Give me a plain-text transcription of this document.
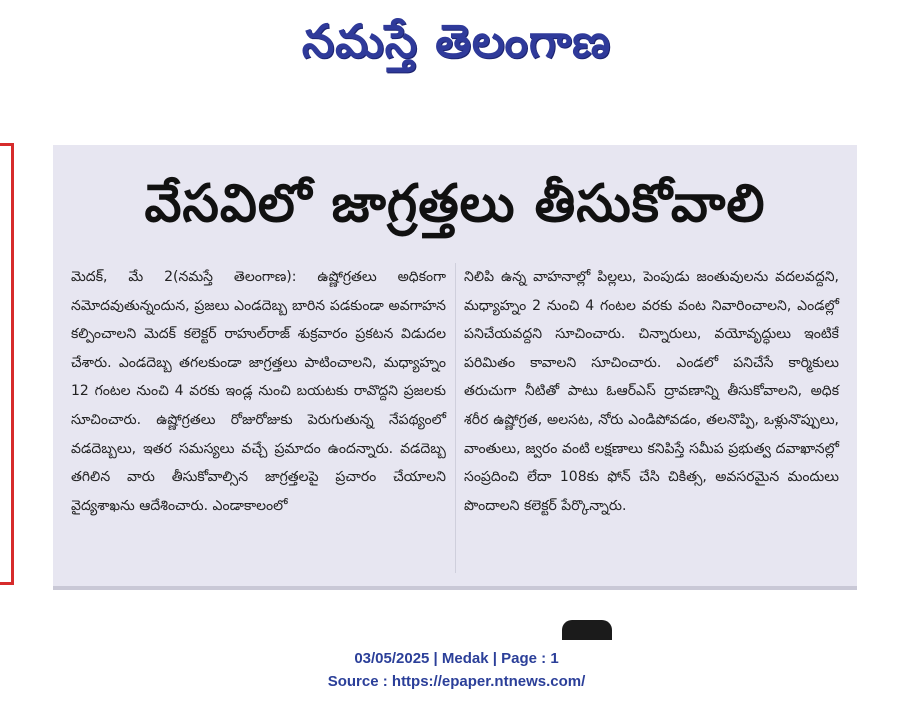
నమస్తే తెలంగాణ
వేసవిలో జాగ్రత్తలు తీసుకోవాలి
మెదక్, మే 2(నమస్తే తెలంగాణ): ఉష్ణోగ్రతలు అధికంగా నమోదవుతున్నందున, ప్రజలు ఎండదెబ్బ బారిన పడకుండా అవగాహన కల్పించాలని మెదక్ కలెక్టర్ రాహుల్‌రాజ్ శుక్రవారం ప్రకటన విడుదల చేశారు. ఎండదెబ్బ తగలకుండా జాగ్రత్తలు పాటించాలని, మధ్యాహ్నం 12 గంటల నుంచి 4 వరకు ఇండ్ల నుంచి బయటకు రావొద్దని ప్రజలకు సూచించారు. ఉష్ణోగ్రతలు రోజురోజుకు పెరుగుతున్న నేపథ్యంలో వడదెబ్బలు, ఇతర సమస్యలు వచ్చే ప్రమాదం ఉందన్నారు. వడదెబ్బ తగిలిన వారు తీసుకోవాల్సిన జాగ్రత్తలపై ప్రచారం చేయాలని వైద్యశాఖను ఆదేశించారు. ఎండాకాలంలో
నిలిపి ఉన్న వాహనాల్లో పిల్లలు, పెంపుడు జంతువులను వదలవద్దని, మధ్యాహ్నం 2 నుంచి 4 గంటల వరకు వంట నివారించాలని, ఎండల్లో పనిచేయవద్దని సూచించారు. చిన్నారులు, వయోవృద్ధులు ఇంటికే పరిమితం కావాలని సూచించారు. ఎండలో పనిచేసే కార్మికులు తరుచుగా నీటితో పాటు ఓఆర్‌ఎస్ ద్రావణాన్ని తీసుకోవాలని, అధిక శరీర ఉష్ణోగ్రత, అలసట, నోరు ఎండిపోవడం, తలనొప్పి, ఒళ్లునొప్పులు, వాంతులు, జ్వరం వంటి లక్షణాలు కనిపిస్తే సమీప ప్రభుత్వ దవాఖానల్లో సంప్రదించి లేదా 108కు ఫోన్ చేసి చికిత్స, అవసరమైన మందులు పొందాలని కలెక్టర్ పేర్కొన్నారు.
03/05/2025 | Medak | Page : 1
Source : https://epaper.ntnews.com/
